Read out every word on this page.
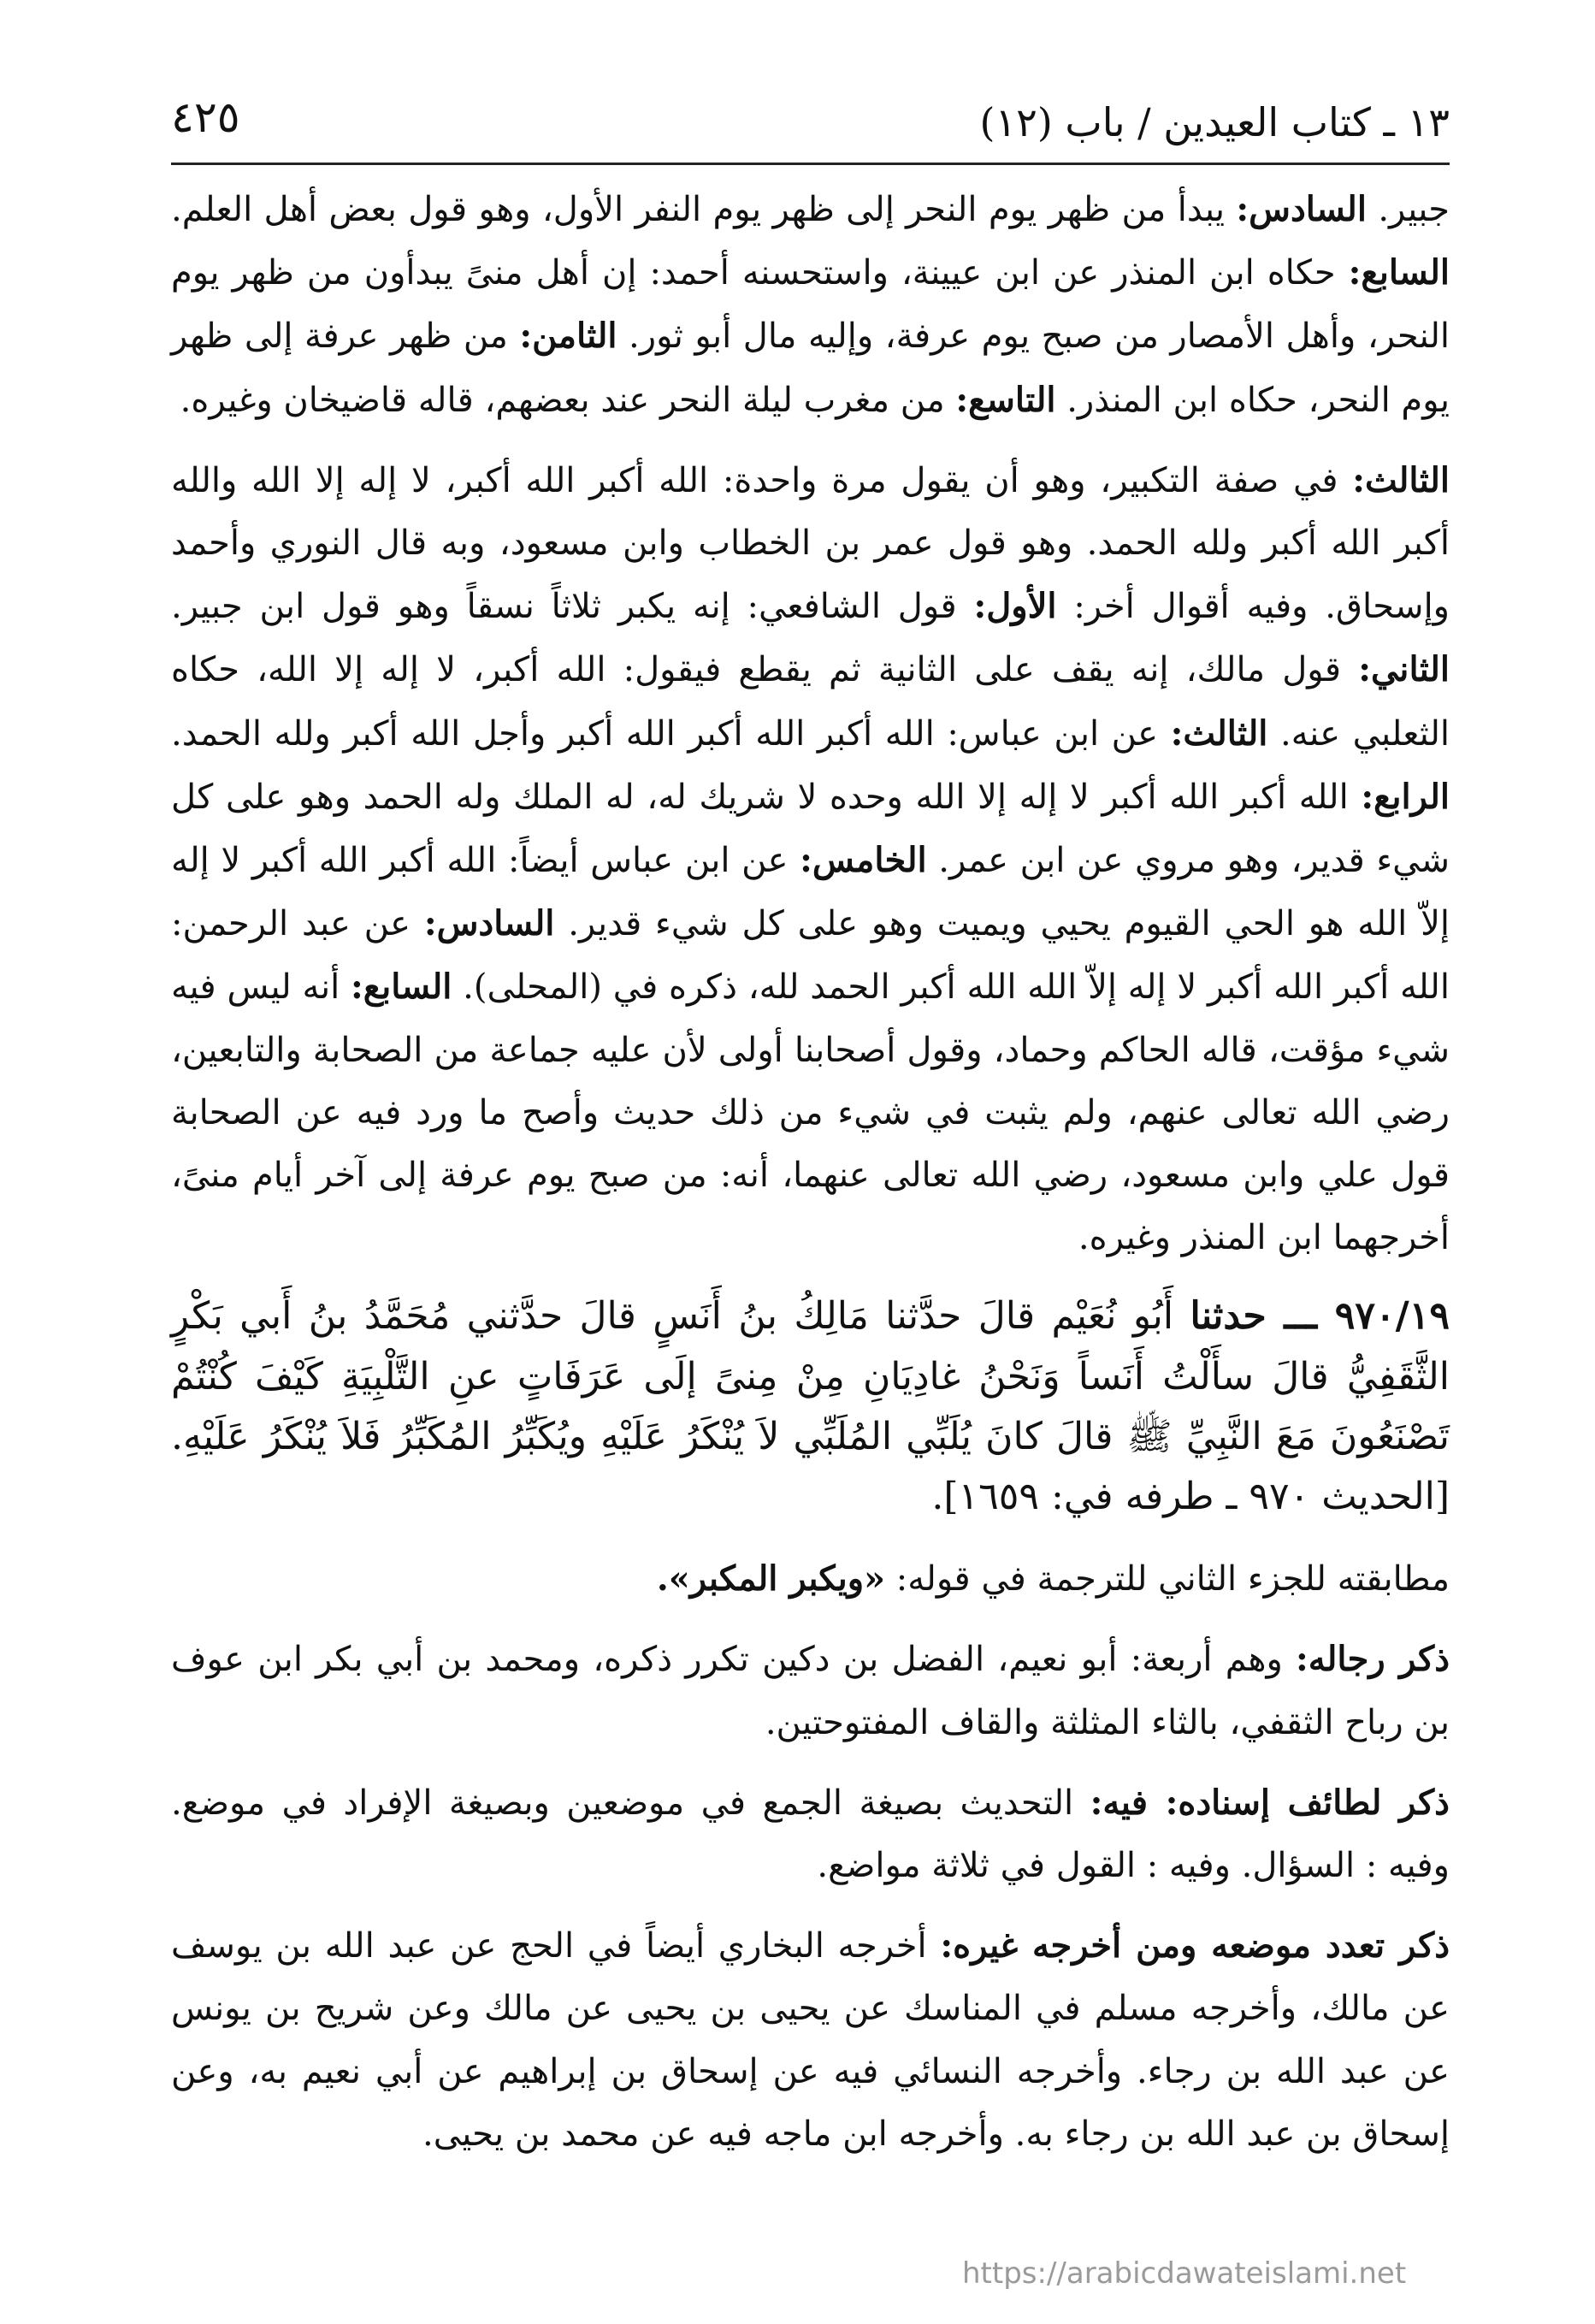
١٣ ـ كتاب العيدين / باب (١٢)
٤٢٥

جبير. السادس: يبدأ من ظهر يوم النحر إلى ظهر يوم النفر الأول، وهو قول بعض أهل العلم. السابع: حكاه ابن المنذر عن ابن عيينة، واستحسنه أحمد: إن أهل منىً يبدأون من ظهر يوم النحر، وأهل الأمصار من صبح يوم عرفة، وإليه مال أبو ثور. الثامن: من ظهر عرفة إلى ظهر يوم النحر، حكاه ابن المنذر. التاسع: من مغرب ليلة النحر عند بعضهم، قاله قاضيخان وغيره.

الثالث: في صفة التكبير، وهو أن يقول مرة واحدة: الله أكبر الله أكبر، لا إله إلا الله والله أكبر الله أكبر ولله الحمد. وهو قول عمر بن الخطاب وابن مسعود، وبه قال النوري وأحمد وإسحاق. وفيه أقوال أخر: الأول: قول الشافعي: إنه يكبر ثلاثاً نسقاً وهو قول ابن جبير. الثاني: قول مالك، إنه يقف على الثانية ثم يقطع فيقول: الله أكبر، لا إله إلا الله، حكاه الثعلبي عنه. الثالث: عن ابن عباس: الله أكبر الله أكبر الله أكبر وأجل الله أكبر ولله الحمد. الرابع: الله أكبر الله أكبر لا إله إلا الله وحده لا شريك له، له الملك وله الحمد وهو على كل شيء قدير، وهو مروي عن ابن عمر. الخامس: عن ابن عباس أيضاً: الله أكبر الله أكبر لا إله إلاّ الله هو الحي القيوم يحيي ويميت وهو على كل شيء قدير. السادس: عن عبد الرحمن: الله أكبر الله أكبر لا إله إلاّ الله الله أكبر الحمد لله، ذكره في (المحلى). السابع: أنه ليس فيه شيء مؤقت، قاله الحاكم وحماد، وقول أصحابنا أولى لأن عليه جماعة من الصحابة والتابعين، رضي الله تعالى عنهم، ولم يثبت في شيء من ذلك حديث وأصح ما ورد فيه عن الصحابة قول علي وابن مسعود، رضي الله تعالى عنهما، أنه: من صبح يوم عرفة إلى آخر أيام منىً، أخرجهما ابن المنذر وغيره.

٩٧٠/١٩ ـــ حدثنا أَبُو نُعَيْم قالَ حدَّثنا مَالِكُ بنُ أَنَسٍ قالَ حدَّثني مُحَمَّدُ بنُ أَبي بَكْرٍ الثَّقَفِيُّ قالَ سأَلْتُ أَنَساً وَنَحْنُ غادِيَانِ مِنْ مِنىً إلَى عَرَفَاتٍ عنِ التَّلْبِيَةِ كَيْفَ كُنْتُمْ تَصْنَعُونَ مَعَ النَّبِيِّ ﷺ قالَ كانَ يُلَبِّي المُلَبِّي لاَ يُنْكَرُ عَلَيْهِ ويُكَبِّرُ المُكَبِّرُ فَلاَ يُنْكَرُ عَلَيْهِ. [الحديث ٩٧٠ ـ طرفه في: ١٦٥٩].

مطابقته للجزء الثاني للترجمة في قوله: «ويكبر المكبر».

ذكر رجاله: وهم أربعة: أبو نعيم، الفضل بن دكين تكرر ذكره، ومحمد بن أبي بكر ابن عوف بن رباح الثقفي، بالثاء المثلثة والقاف المفتوحتين.

ذكر لطائف إسناده: فيه: التحديث بصيغة الجمع في موضعين وبصيغة الإفراد في موضع. وفيه : السؤال. وفيه : القول في ثلاثة مواضع.

ذكر تعدد موضعه ومن أخرجه غيره: أخرجه البخاري أيضاً في الحج عن عبد الله بن يوسف عن مالك، وأخرجه مسلم في المناسك عن يحيى بن يحيى عن مالك وعن شريح بن يونس عن عبد الله بن رجاء. وأخرجه النسائي فيه عن إسحاق بن إبراهيم عن أبي نعيم به، وعن إسحاق بن عبد الله بن رجاء به. وأخرجه ابن ماجه فيه عن محمد بن يحيى.

https://arabicdawateislami.net
